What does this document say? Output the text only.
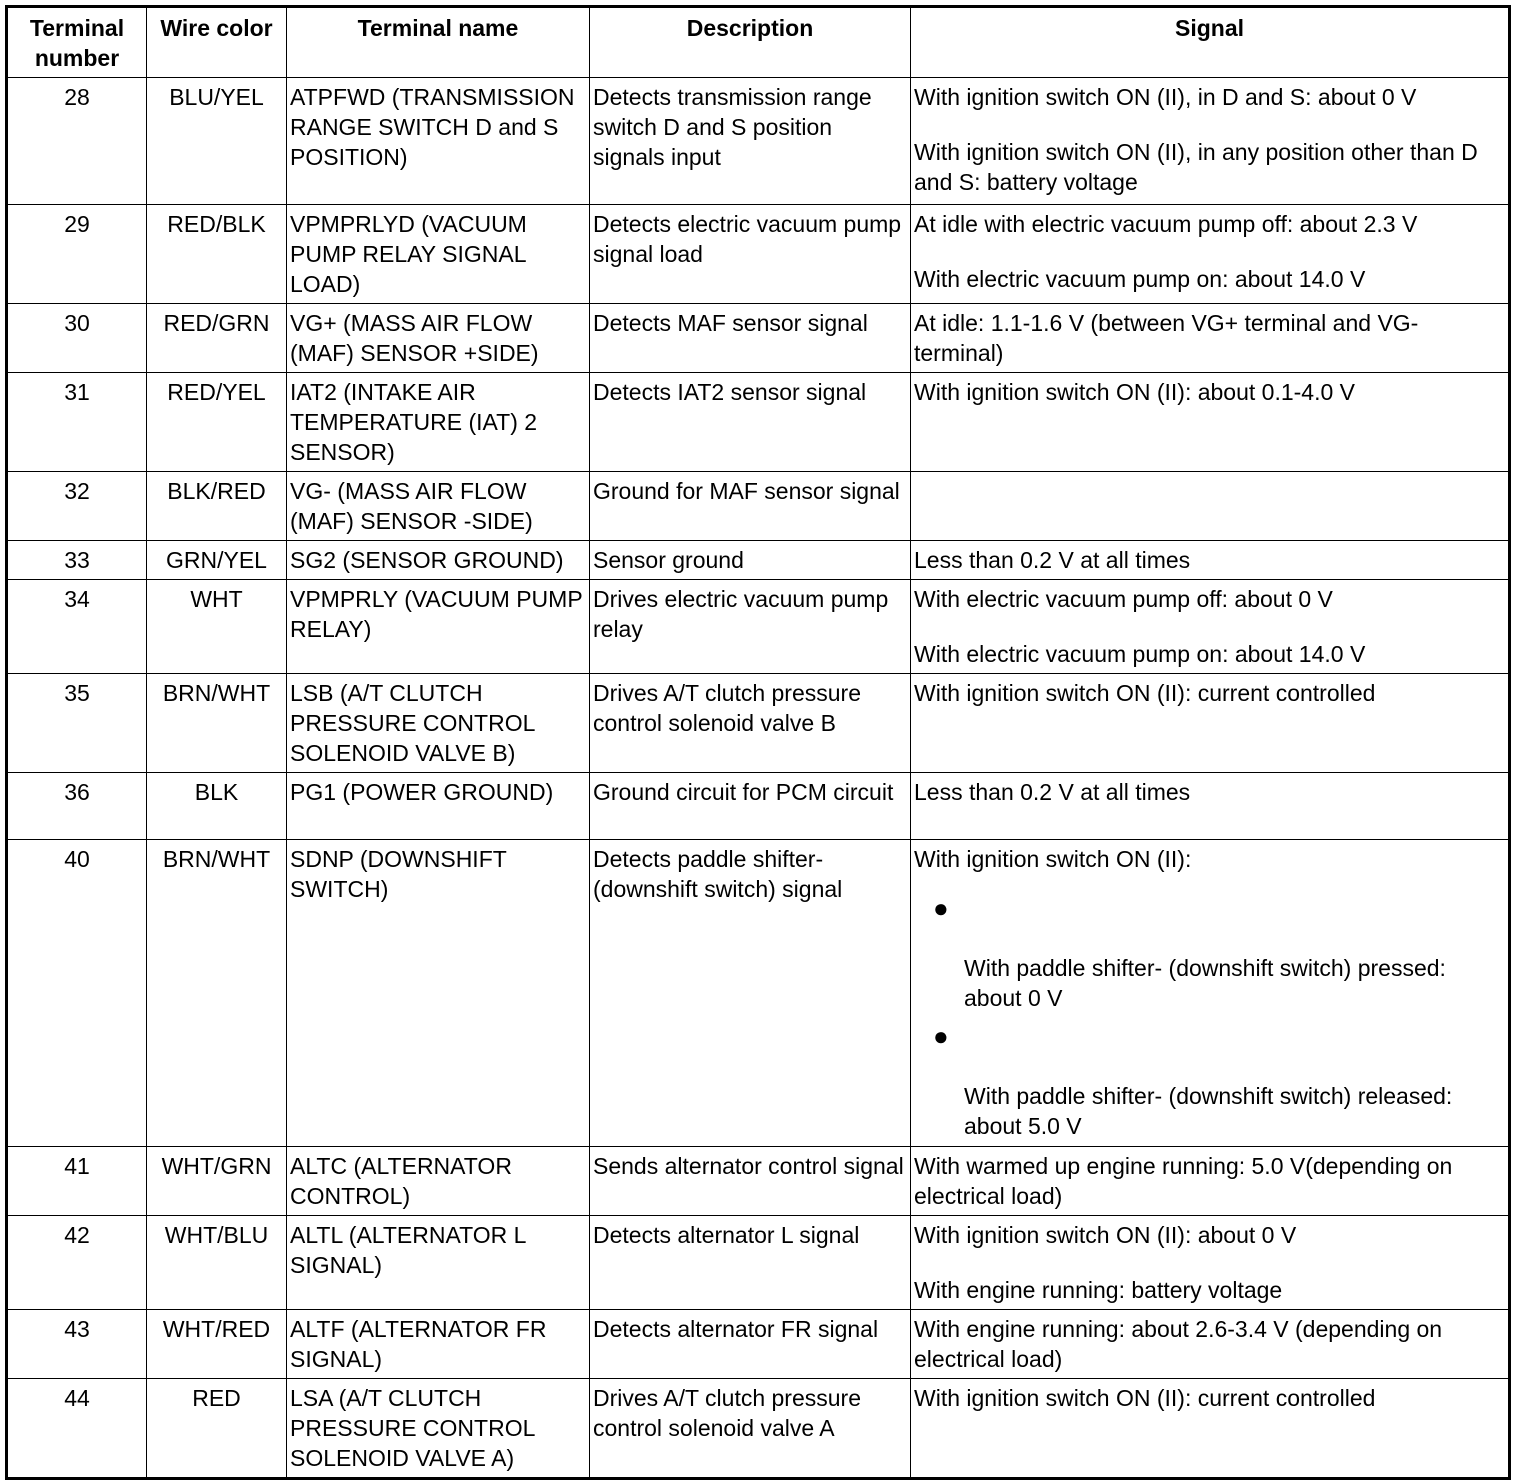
Terminal number	Wire color	Terminal name	Description	Signal
28	BLU/YEL	ATPFWD (TRANSMISSION RANGE SWITCH D and S POSITION)	Detects transmission range switch D and S position signals input	With ignition switch ON (II), in D and S: about 0 V
With ignition switch ON (II), in any position other than D and S: battery voltage

29	RED/BLK	VPMPRLYD (VACUUM PUMP RELAY SIGNAL LOAD)	Detects electric vacuum pump signal load	At idle with electric vacuum pump off: about 2.3 V
With electric vacuum pump on: about 14.0 V

30	RED/GRN	VG+ (MASS AIR FLOW (MAF) SENSOR +SIDE)	Detects MAF sensor signal	At idle: 1.1-1.6 V (between VG+ terminal and VG- terminal)

31	RED/YEL	IAT2 (INTAKE AIR TEMPERATURE (IAT) 2 SENSOR)	Detects IAT2 sensor signal	With ignition switch ON (II): about 0.1-4.0 V

32	BLK/RED	VG- (MASS AIR FLOW (MAF) SENSOR -SIDE)	Ground for MAF sensor signal	

33	GRN/YEL	SG2 (SENSOR GROUND)	Sensor ground	Less than 0.2 V at all times

34	WHT	VPMPRLY (VACUUM PUMP RELAY)	Drives electric vacuum pump relay	With electric vacuum pump off: about 0 V
With electric vacuum pump on: about 14.0 V

35	BRN/WHT	LSB (A/T CLUTCH PRESSURE CONTROL SOLENOID VALVE B)	Drives A/T clutch pressure control solenoid valve B	With ignition switch ON (II): current controlled

36	BLK	PG1 (POWER GROUND)	Ground circuit for PCM circuit	Less than 0.2 V at all times

40	BRN/WHT	SDNP (DOWNSHIFT SWITCH)	Detects paddle shifter- (downshift switch) signal	With ignition switch ON (II):
●
With paddle shifter- (downshift switch) pressed: about 0 V
●
With paddle shifter- (downshift switch) released: about 5.0 V

41	WHT/GRN	ALTC (ALTERNATOR CONTROL)	Sends alternator control signal	With warmed up engine running: 5.0 V(depending on electrical load)

42	WHT/BLU	ALTL (ALTERNATOR L SIGNAL)	Detects alternator L signal	With ignition switch ON (II): about 0 V
With engine running: battery voltage

43	WHT/RED	ALTF (ALTERNATOR FR SIGNAL)	Detects alternator FR signal	With engine running: about 2.6-3.4 V (depending on electrical load)

44	RED	LSA (A/T CLUTCH PRESSURE CONTROL SOLENOID VALVE A)	Drives A/T clutch pressure control solenoid valve A	With ignition switch ON (II): current controlled
